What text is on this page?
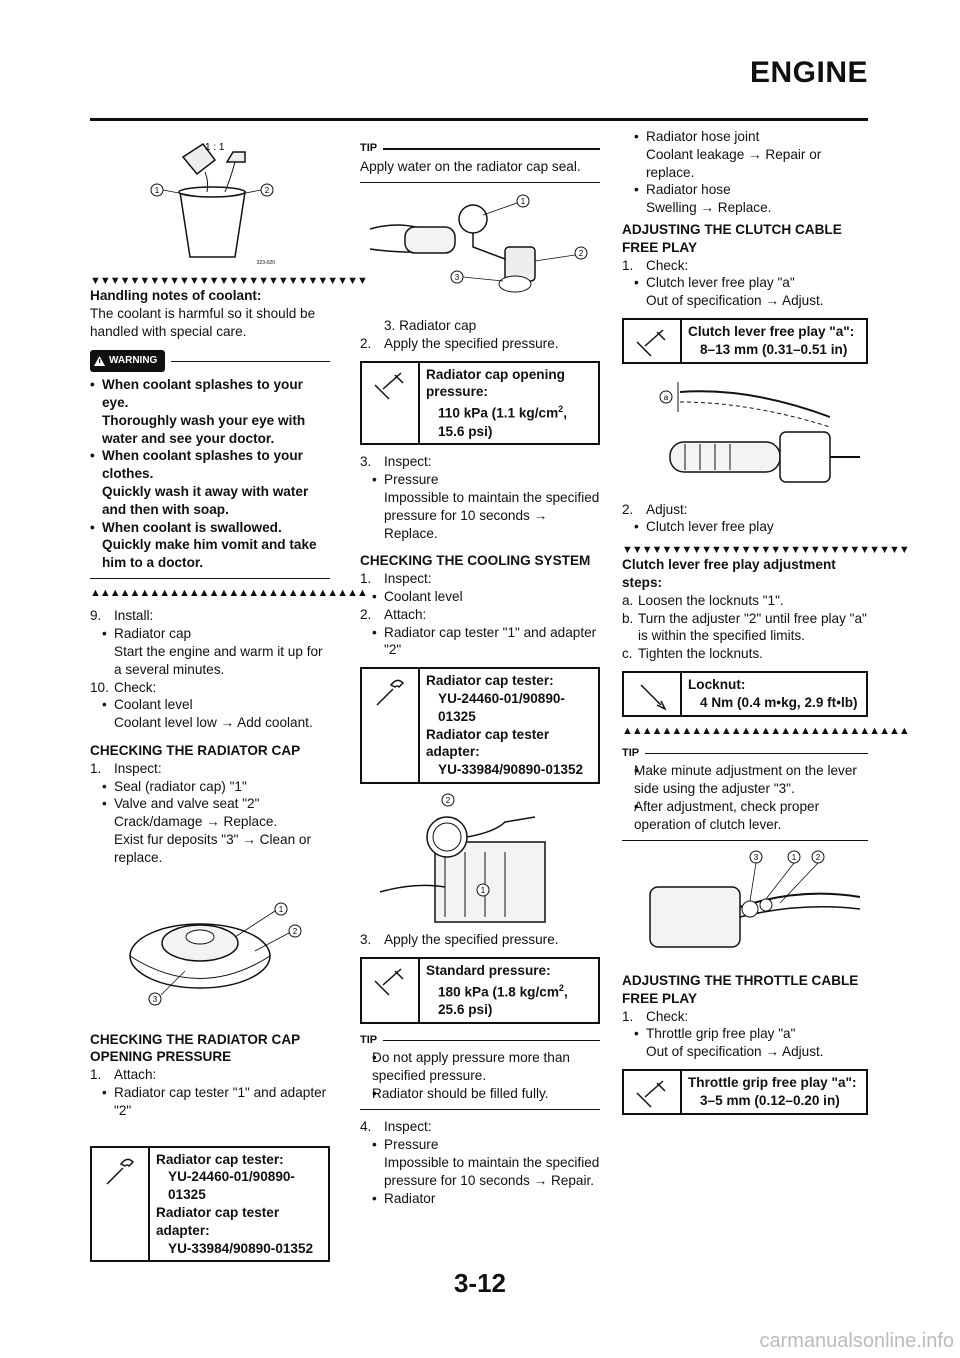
ENGINE
1	2
1 : 1
323-020
▼▼▼▼▼▼▼▼▼▼▼▼▼▼▼▼▼▼▼▼▼▼▼▼▼▼▼▼
Handling notes of coolant:
The coolant is harmful so it should be handled with special care.
WARNING
• When coolant splashes to your eye.
Thoroughly wash your eye with water and see your doctor.
• When coolant splashes to your clothes.
Quickly wash it away with water and then with soap.
• When coolant is swallowed.
Quickly make him vomit and take him to a doctor.
▲▲▲▲▲▲▲▲▲▲▲▲▲▲▲▲▲▲▲▲▲▲▲▲▲▲▲▲
9. Install:
• Radiator cap
Start the engine and warm it up for a several minutes.
10. Check:
• Coolant level
Coolant level low → Add coolant.
CHECKING THE RADIATOR CAP
1. Inspect:
• Seal (radiator cap) "1"
• Valve and valve seat "2"
Crack/damage → Replace.
Exist fur deposits "3" → Clean or replace.
1
2
3
CHECKING THE RADIATOR CAP OPENING PRESSURE
1. Attach:
• Radiator cap tester "1" and adapter "2"
Radiator cap tester:
YU-24460-01/90890-01325
Radiator cap tester adapter:
YU-33984/90890-01352
TIP
Apply water on the radiator cap seal.
1
2
3
3. Radiator cap
2. Apply the specified pressure.
Radiator cap opening pressure:
110 kPa (1.1 $kg/cm^2$, 15.6 psi)
3. Inspect:
• Pressure
Impossible to maintain the specified pressure for 10 seconds → Replace.
CHECKING THE COOLING SYSTEM
1. Inspect:
• Coolant level
2. Attach:
• Radiator cap tester "1" and adapter "2"
Radiator cap tester:
YU-24460-01/90890-01325
Radiator cap tester adapter:
YU-33984/90890-01352
2
1
3. Apply the specified pressure.
Standard pressure:
180 kPa (1.8 $kg/cm^2$, 25.6 psi)
TIP
• Do not apply pressure more than specified pressure.
• Radiator should be filled fully.
4. Inspect:
• Pressure
Impossible to maintain the specified pressure for 10 seconds → Repair.
• Radiator
• Radiator hose joint
Coolant leakage → Repair or replace.
• Radiator hose
Swelling → Replace.
ADJUSTING THE CLUTCH CABLE FREE PLAY
1. Check:
• Clutch lever free play "a"
Out of specification → Adjust.
Clutch lever free play "a":
8–13 mm (0.31–0.51 in)
a
2. Adjust:
• Clutch lever free play
▼▼▼▼▼▼▼▼▼▼▼▼▼▼▼▼▼▼▼▼▼▼▼▼▼▼▼▼▼
Clutch lever free play adjustment steps:
a. Loosen the locknuts "1".
b. Turn the adjuster "2" until free play "a" is within the specified limits.
c. Tighten the locknuts.
Locknut:
4 Nm (0.4 m•kg, 2.9 ft•lb)
▲▲▲▲▲▲▲▲▲▲▲▲▲▲▲▲▲▲▲▲▲▲▲▲▲▲▲▲▲
TIP
• Make minute adjustment on the lever side using the adjuster "3".
• After adjustment, check proper operation of clutch lever.
3	1 2
ADJUSTING THE THROTTLE CABLE FREE PLAY
1. Check:
• Throttle grip free play "a"
Out of specification → Adjust.
Throttle grip free play "a":
3–5 mm (0.12–0.20 in)
3-12
carmanualsonline.info
